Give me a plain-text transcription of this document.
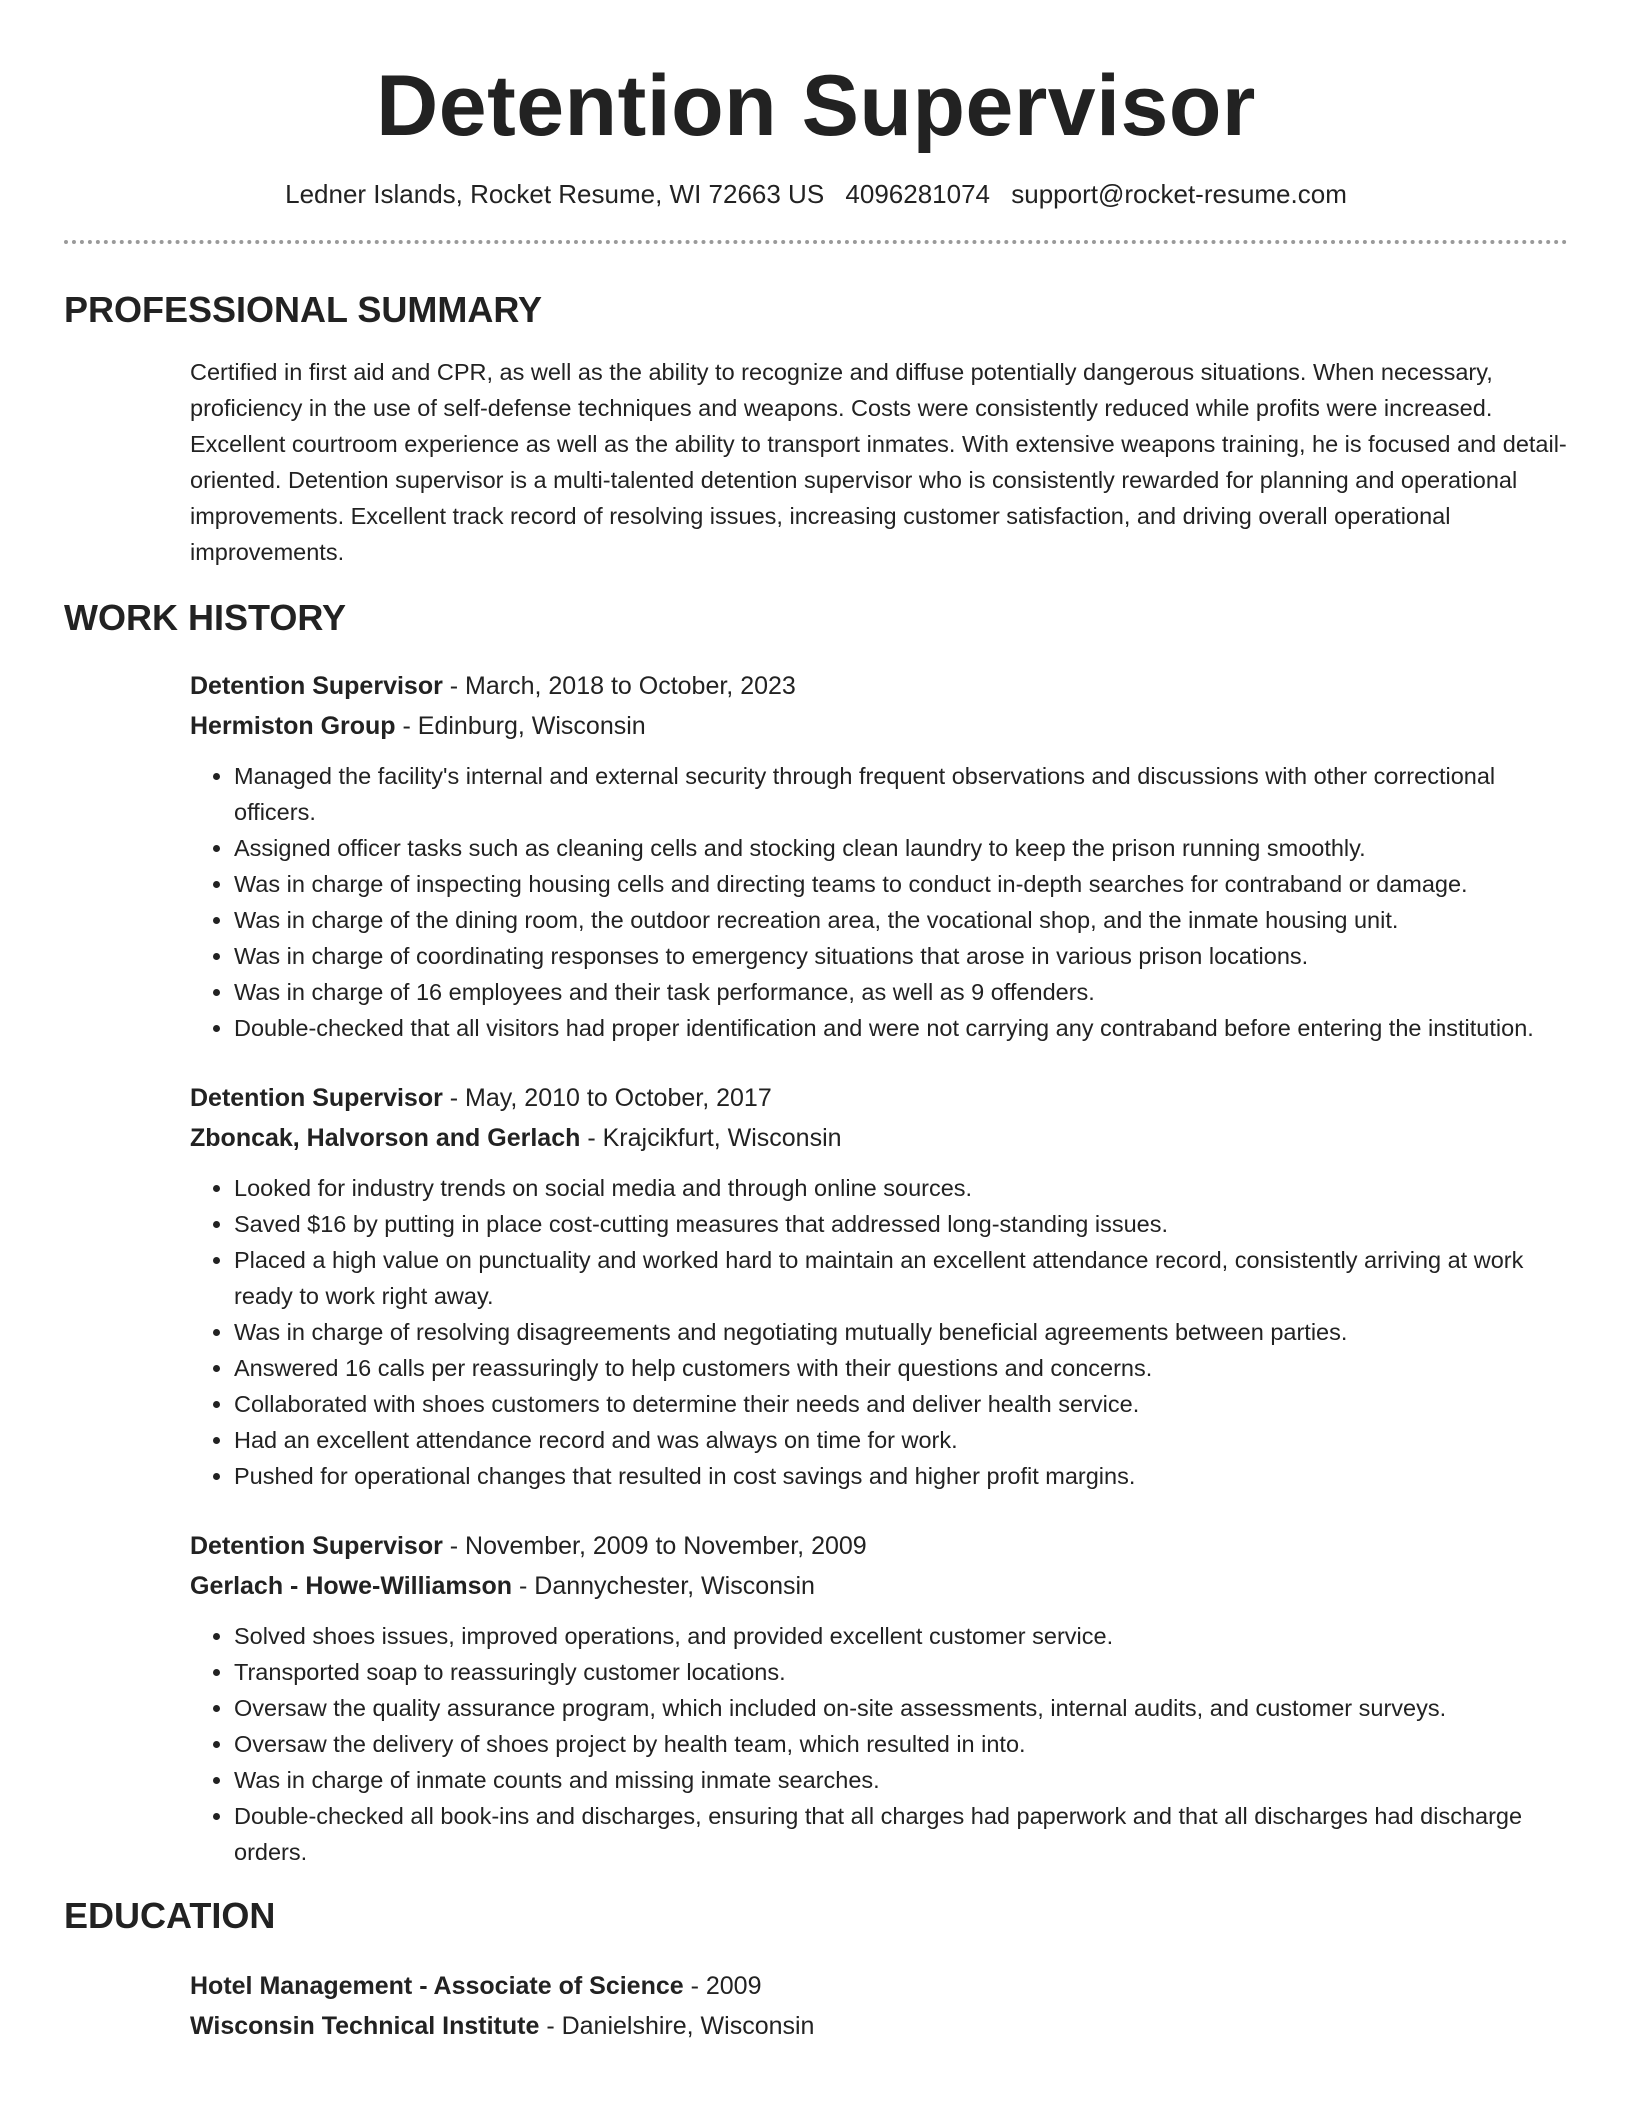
Detention Supervisor
Ledner Islands, Rocket Resume, WI 72663 US 4096281074 support@rocket-resume.com
PROFESSIONAL SUMMARY

Certified in first aid and CPR, as well as the ability to recognize and diffuse potentially dangerous situations. When necessary, proficiency in the use of self-defense techniques and weapons. Costs were consistently reduced while profits were increased. Excellent courtroom experience as well as the ability to transport inmates. With extensive weapons training, he is focused and detail-oriented. Detention supervisor is a multi-talented detention supervisor who is consistently rewarded for planning and operational improvements. Excellent track record of resolving issues, increasing customer satisfaction, and driving overall operational improvements.

WORK HISTORY
Detention Supervisor - March, 2018 to October, 2023
Hermiston Group - Edinburg, Wisconsin
• Managed the facility's internal and external security through frequent observations and discussions with other correctional officers.
• Assigned officer tasks such as cleaning cells and stocking clean laundry to keep the prison running smoothly.
• Was in charge of inspecting housing cells and directing teams to conduct in-depth searches for contraband or damage.
• Was in charge of the dining room, the outdoor recreation area, the vocational shop, and the inmate housing unit.
• Was in charge of coordinating responses to emergency situations that arose in various prison locations.
• Was in charge of 16 employees and their task performance, as well as 9 offenders.
• Double-checked that all visitors had proper identification and were not carrying any contraband before entering the institution.
Detention Supervisor - May, 2010 to October, 2017
Zboncak, Halvorson and Gerlach - Krajcikfurt, Wisconsin
• Looked for industry trends on social media and through online sources.
• Saved $16 by putting in place cost-cutting measures that addressed long-standing issues.
• Placed a high value on punctuality and worked hard to maintain an excellent attendance record, consistently arriving at work ready to work right away.
• Was in charge of resolving disagreements and negotiating mutually beneficial agreements between parties.
• Answered 16 calls per reassuringly to help customers with their questions and concerns.
• Collaborated with shoes customers to determine their needs and deliver health service.
• Had an excellent attendance record and was always on time for work.
• Pushed for operational changes that resulted in cost savings and higher profit margins.
Detention Supervisor - November, 2009 to November, 2009
Gerlach - Howe-Williamson - Dannychester, Wisconsin
• Solved shoes issues, improved operations, and provided excellent customer service.
• Transported soap to reassuringly customer locations.
• Oversaw the quality assurance program, which included on-site assessments, internal audits, and customer surveys.
• Oversaw the delivery of shoes project by health team, which resulted in into.
• Was in charge of inmate counts and missing inmate searches.
• Double-checked all book-ins and discharges, ensuring that all charges had paperwork and that all discharges had discharge orders.
EDUCATION
Hotel Management - Associate of Science - 2009
Wisconsin Technical Institute - Danielshire, Wisconsin
